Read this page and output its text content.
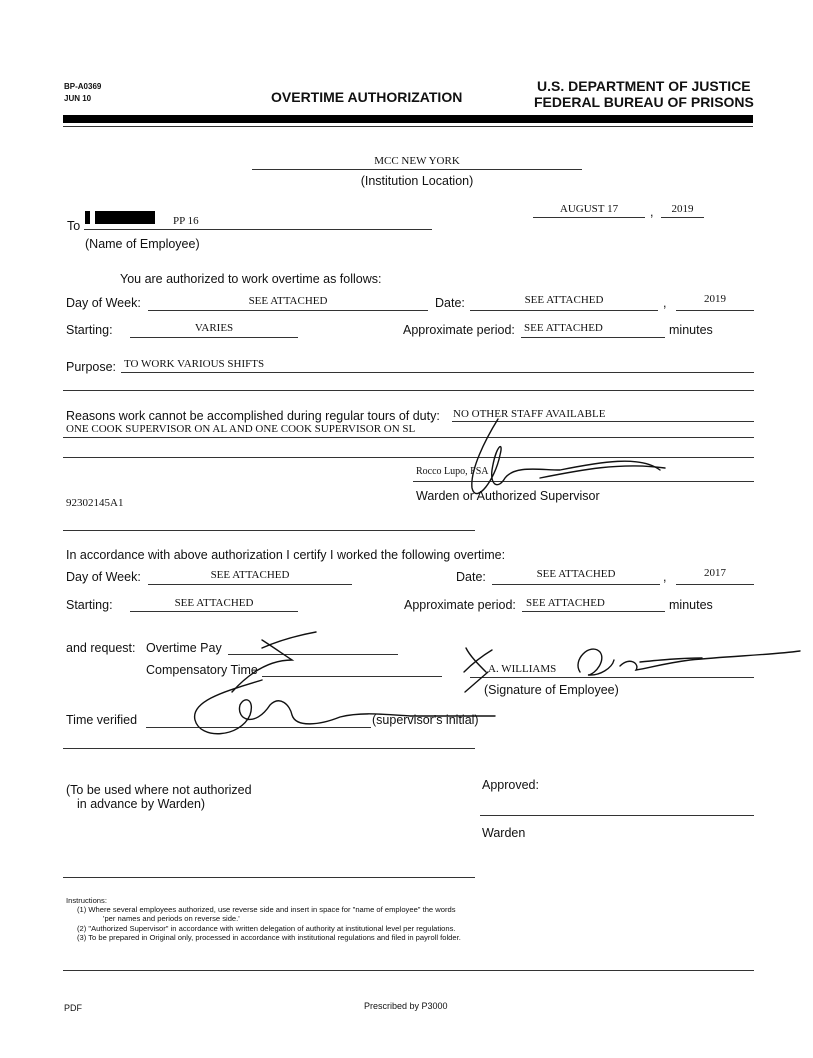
BP-A0369
JUN 10	OVERTIME AUTHORIZATION
U.S. DEPARTMENT OF JUSTICE
FEDERAL BUREAU OF PRISONS
MCC NEW YORK
(Institution Location)
AUGUST 17	,	2019
To	PP 16
(Name of Employee)
You are authorized to work overtime as follows:
Day of Week:	SEE ATTACHED	Date:	SEE ATTACHED	,	2019
Starting:	VARIES	Approximate period: SEE ATTACHED	minutes
Purpose: TO WORK VARIOUS SHIFTS
Reasons work cannot be accomplished during regular tours of duty: NO OTHER STAFF AVAILABLE
ONE COOK SUPERVISOR ON AL AND ONE COOK SUPERVISOR ON SL
Rocco Lupo, FSA
Warden or Authorized Supervisor
92302145A1
In accordance with above authorization I certify I worked the following overtime:
Day of Week:	SEE ATTACHED	Date:	SEE ATTACHED	,	2017
Starting:	SEE ATTACHED	Approximate period: SEE ATTACHED	minutes
and request: Overtime Pay
Compensatory Time	A. WILLIAMS
(Signature of Employee)
Time verified	(supervisor's initial)
(To be used where not authorized
in advance by Warden)
Approved:
Warden
Instructions:
(1) Where several employees authorized, use reverse side and insert in space for "name of employee" the words
'per names and periods on reverse side.'
(2) "Authorized Supervisor" in accordance with written delegation of authority at institutional level per regulations.
(3) To be prepared in Original only, processed in accordance with institutional regulations and filed in payroll folder.
PDF	Prescribed by P3000
